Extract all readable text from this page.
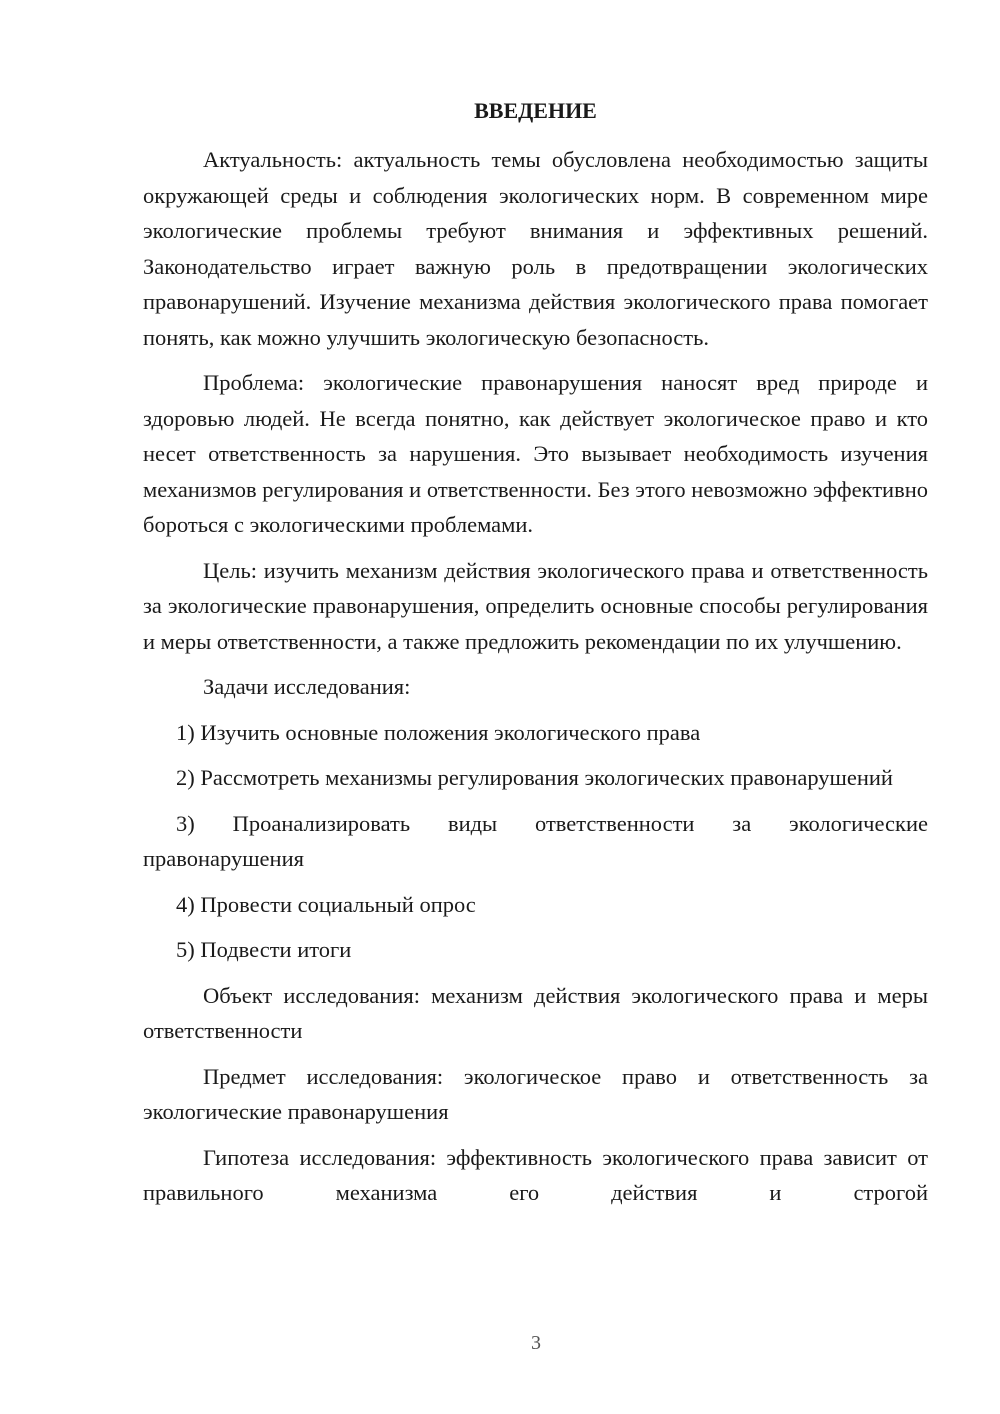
ВВЕДЕНИЕ

Актуальность: актуальность темы обусловлена необходимостью защиты окружающей среды и соблюдения экологических норм. В современном мире экологические проблемы требуют внимания и эффективных решений. Законодательство играет важную роль в предотвращении экологических правонарушений. Изучение механизма действия экологического права помогает понять, как можно улучшить экологическую безопасность.

Проблема: экологические правонарушения наносят вред природе и здоровью людей. Не всегда понятно, как действует экологическое право и кто несет ответственность за нарушения. Это вызывает необходимость изучения механизмов регулирования и ответственности. Без этого невозможно эффективно бороться с экологическими проблемами.

Цель: изучить механизм действия экологического права и ответственность за экологические правонарушения, определить основные способы регулирования и меры ответственности, а также предложить рекомендации по их улучшению.

Задачи исследования:

1) Изучить основные положения экологического права

2) Рассмотреть механизмы регулирования экологических правонарушений

3) Проанализировать виды ответственности за экологические правонарушения

4) Провести социальный опрос

5) Подвести итоги

Объект исследования: механизм действия экологического права и меры ответственности

Предмет исследования: экологическое право и ответственность за экологические правонарушения

Гипотеза исследования: эффективность экологического права зависит от правильного механизма его действия и строгой

3
